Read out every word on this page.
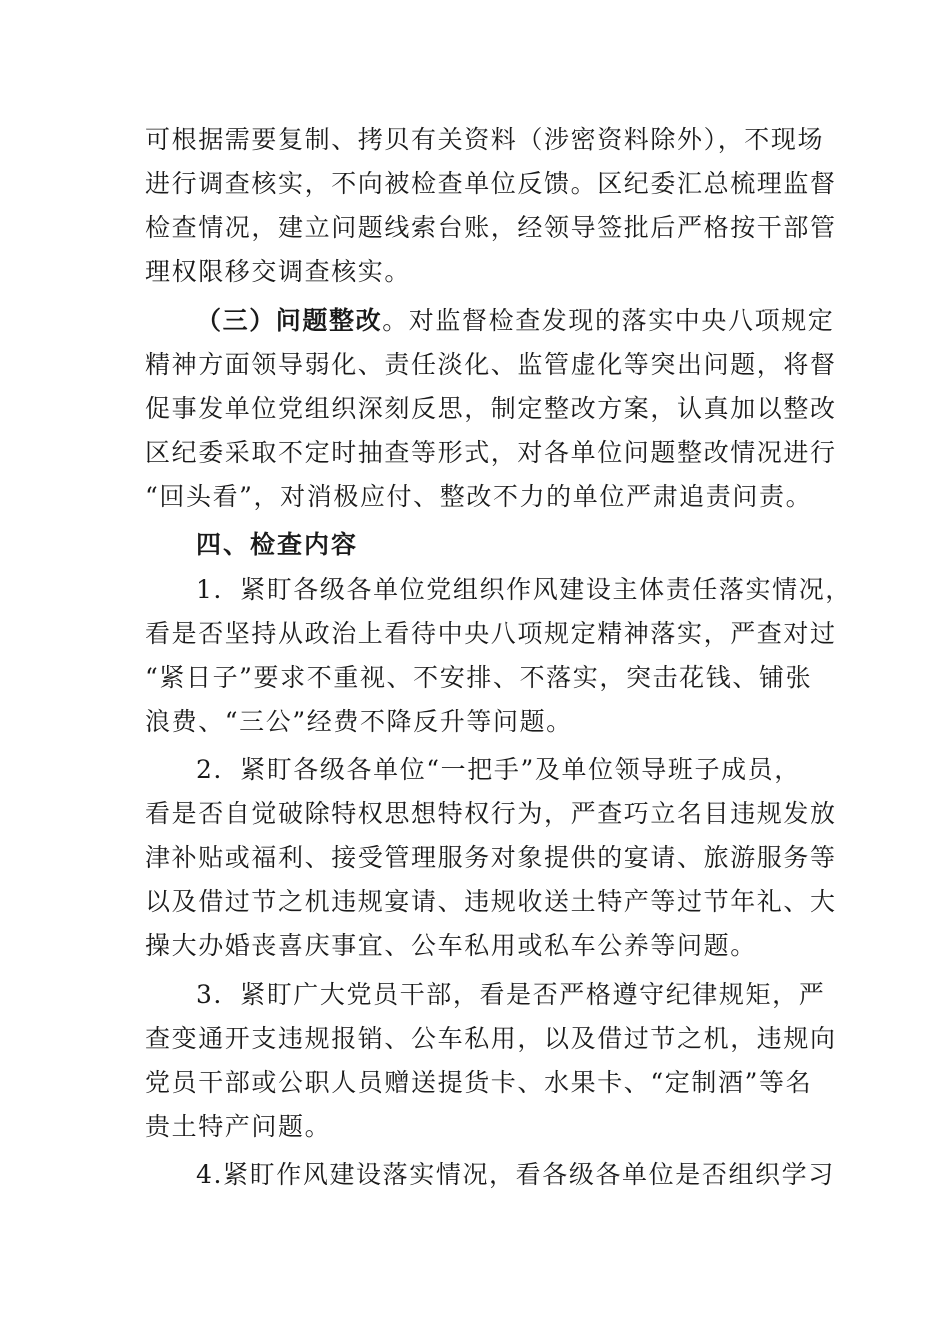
可根据需要复制、拷贝有关资料（涉密资料除外），不现场
进行调查核实，不向被检查单位反馈。区纪委汇总梳理监督
检查情况，建立问题线索台账，经领导签批后严格按干部管
理权限移交调查核实。
（三）问题整改。对监督检查发现的落实中央八项规定
精神方面领导弱化、责任淡化、监管虚化等突出问题，将督
促事发单位党组织深刻反思，制定整改方案，认真加以整改
区纪委采取不定时抽查等形式，对各单位问题整改情况进行
“回头看”，对消极应付、整改不力的单位严肃追责问责。
四、检查内容
1．紧盯各级各单位党组织作风建设主体责任落实情况，
看是否坚持从政治上看待中央八项规定精神落实，严查对过
“紧日子”要求不重视、不安排、不落实，突击花钱、铺张
浪费、“三公”经费不降反升等问题。
2．紧盯各级各单位“一把手”及单位领导班子成员，
看是否自觉破除特权思想特权行为，严查巧立名目违规发放
津补贴或福利、接受管理服务对象提供的宴请、旅游服务等
以及借过节之机违规宴请、违规收送土特产等过节年礼、大
操大办婚丧喜庆事宜、公车私用或私车公养等问题。
3．紧盯广大党员干部，看是否严格遵守纪律规矩，严
查变通开支违规报销、公车私用，以及借过节之机，违规向
党员干部或公职人员赠送提货卡、水果卡、“定制酒”等名
贵土特产问题。
4.紧盯作风建设落实情况，看各级各单位是否组织学习
